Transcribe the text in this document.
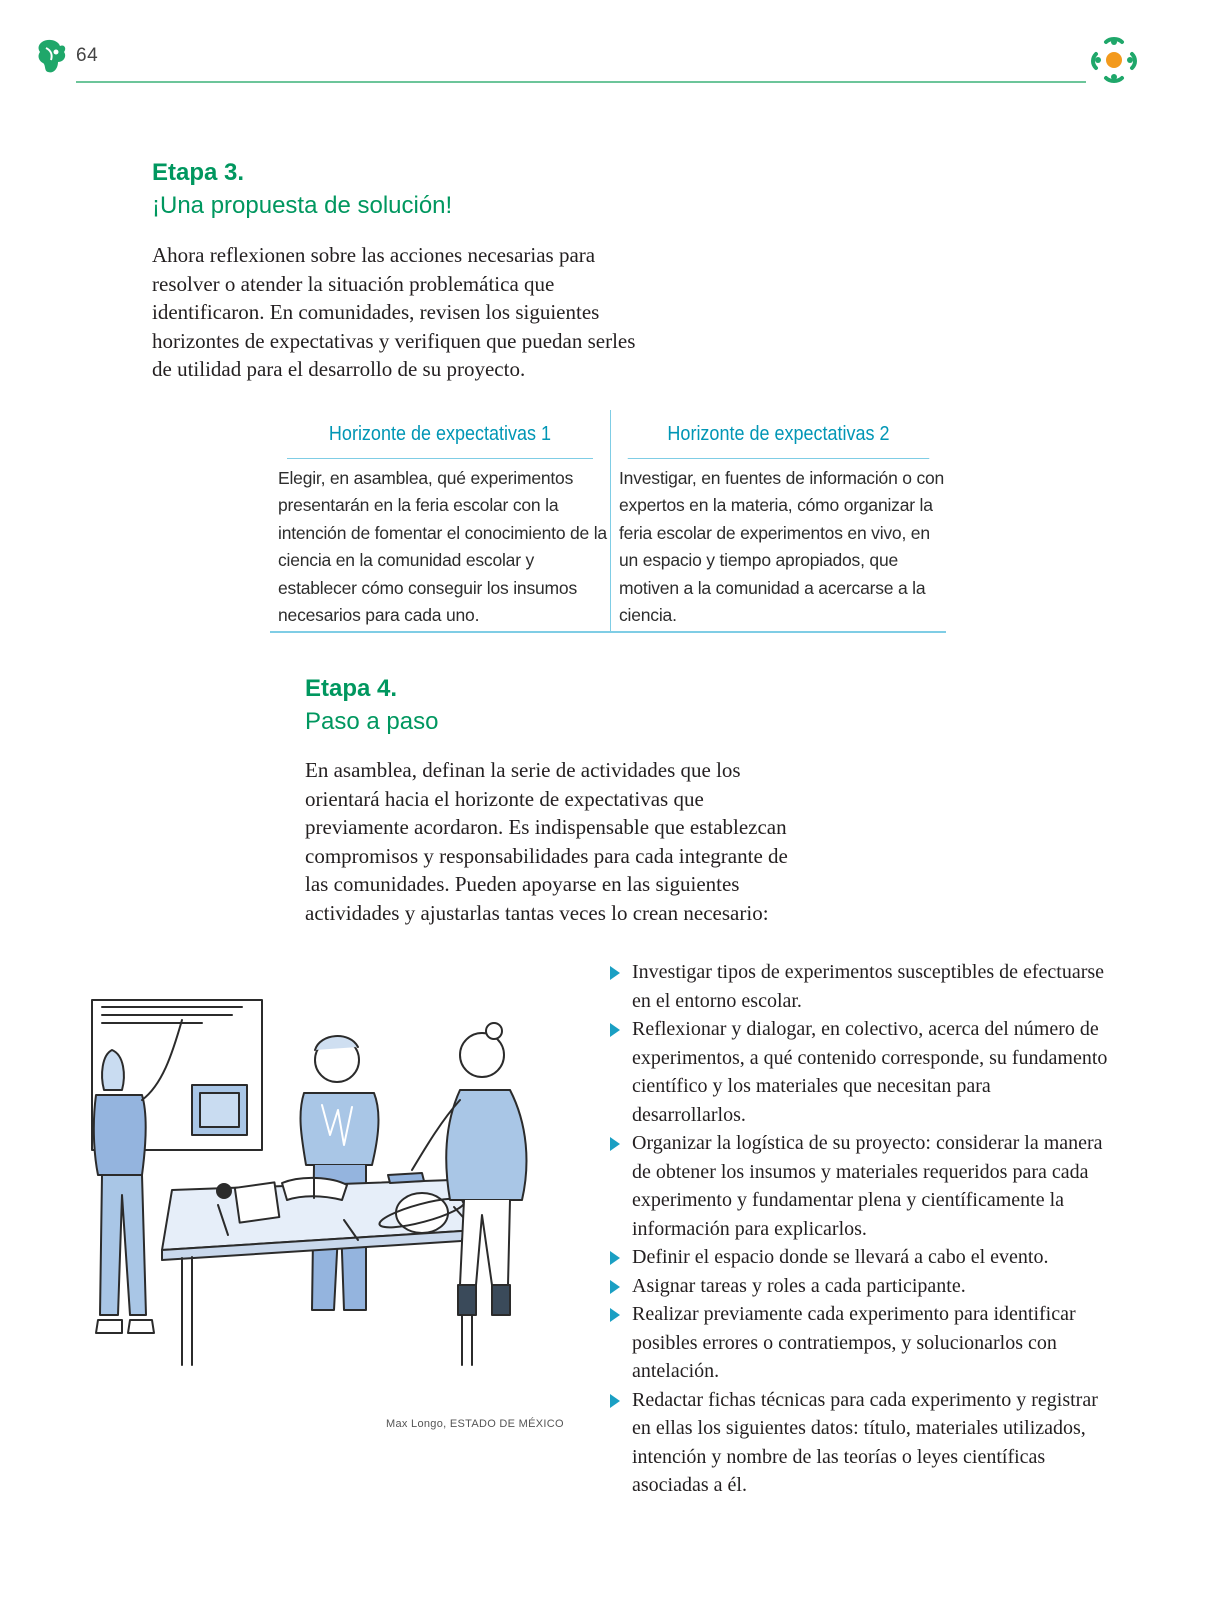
64
Etapa 3.
¡Una propuesta de solución!

Ahora reflexionen sobre las acciones necesarias para resolver o atender la situación problemática que identificaron. En comunidades, revisen los siguientes horizontes de expectativas y verifiquen que puedan serles de utilidad para el desarrollo de su proyecto.

Horizonte de expectativas 1
Elegir, en asamblea, qué experimentos presentarán en la feria escolar con la intención de fomentar el conocimiento de la ciencia en la comunidad escolar y establecer cómo conseguir los insumos necesarios para cada uno.
Horizonte de expectativas 2
Investigar, en fuentes de información o con expertos en la materia, cómo organizar la feria escolar de experimentos en vivo, en un espacio y tiempo apropiados, que motiven a la comunidad a acercarse a la ciencia.
Etapa 4.
Paso a paso

En asamblea, definan la serie de actividades que los orientará hacia el horizonte de expectativas que previamente acordaron. Es indispensable que establezcan compromisos y responsabilidades para cada integrante de las comunidades. Pueden apoyarse en las siguientes actividades y ajustarlas tantas veces lo crean necesario:

Investigar tipos de experimentos susceptibles de efectuarse en el entorno escolar.
Reflexionar y dialogar, en colectivo, acerca del número de experimentos, a qué contenido corresponde, su fundamento científico y los materiales que necesitan para desarrollarlos.
Organizar la logística de su proyecto: considerar la manera de obtener los insumos y materiales requeridos para cada experimento y fundamentar plena y científicamente la información para explicarlos.
Definir el espacio donde se llevará a cabo el evento.
Asignar tareas y roles a cada participante.
Realizar previamente cada experimento para identificar posibles errores o contratiempos, y solucionarlos con antelación.
Redactar fichas técnicas para cada experimento y registrar en ellas los siguientes datos: título, materiales utilizados, intención y nombre de las teorías o leyes científicas asociadas a él.
Max Longo, ESTADO DE MÉXICO
